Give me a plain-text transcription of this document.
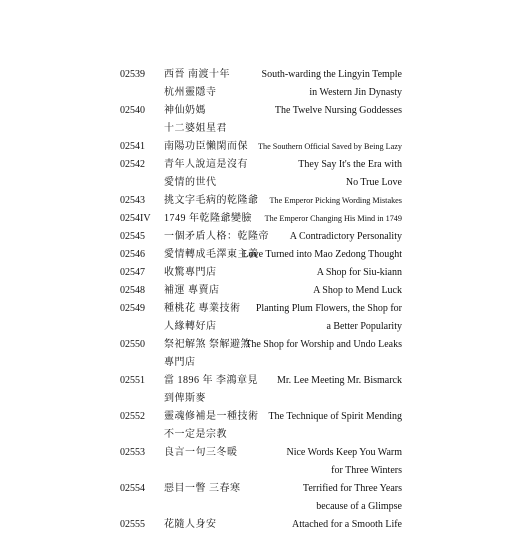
02539	西晉 南渡十年	South-warding the Lingyin Temple
杭州靈隱寺	in Western Jin Dynasty
02540	神仙奶媽	The Twelve Nursing Goddesses
十二婆姐星君
02541	南陽功臣懶閑而保	The Southern Official Saved by Being Lazy
02542	青年人說這是沒有	They Say It's the Era with
愛情的世代	No True Love
02543	挑文字毛病的乾隆爺	The Emperor Picking Wording Mistakes
0254IV	1749 年乾隆爺變臉	The Emperor Changing His Mind in 1749
02545	一個矛盾人格：乾隆帝	A Contradictory Personality
02546	愛情轉成毛澤東主義
Love Turned into Mao Zedong Thought
02547	收驚專門店	A Shop for Siu-kiann
02548	補運 專賣店	A Shop to Mend Luck
02549	種桃花 專業技術	Planting Plum Flowers, the Shop for
人緣轉好店	a Better Popularity
02550	祭祀解煞 祭解避煞
The Shop for Worship and Undo Leaks
專門店
02551	當 1896 年 李鴻章見	Mr. Lee Meeting Mr. Bismarck
到俾斯麥
02552	靈魂修補是一種技術 The Technique of Spirit Mending
不一定是宗教
02553	良言一句三冬暖	Nice Words Keep You Warm
for Three Winters
02554	惡目一瞥 三春寒	Terrified for Three Years
because of a Glimpse
02555	花隨人身安	Attached for a Smooth Life
